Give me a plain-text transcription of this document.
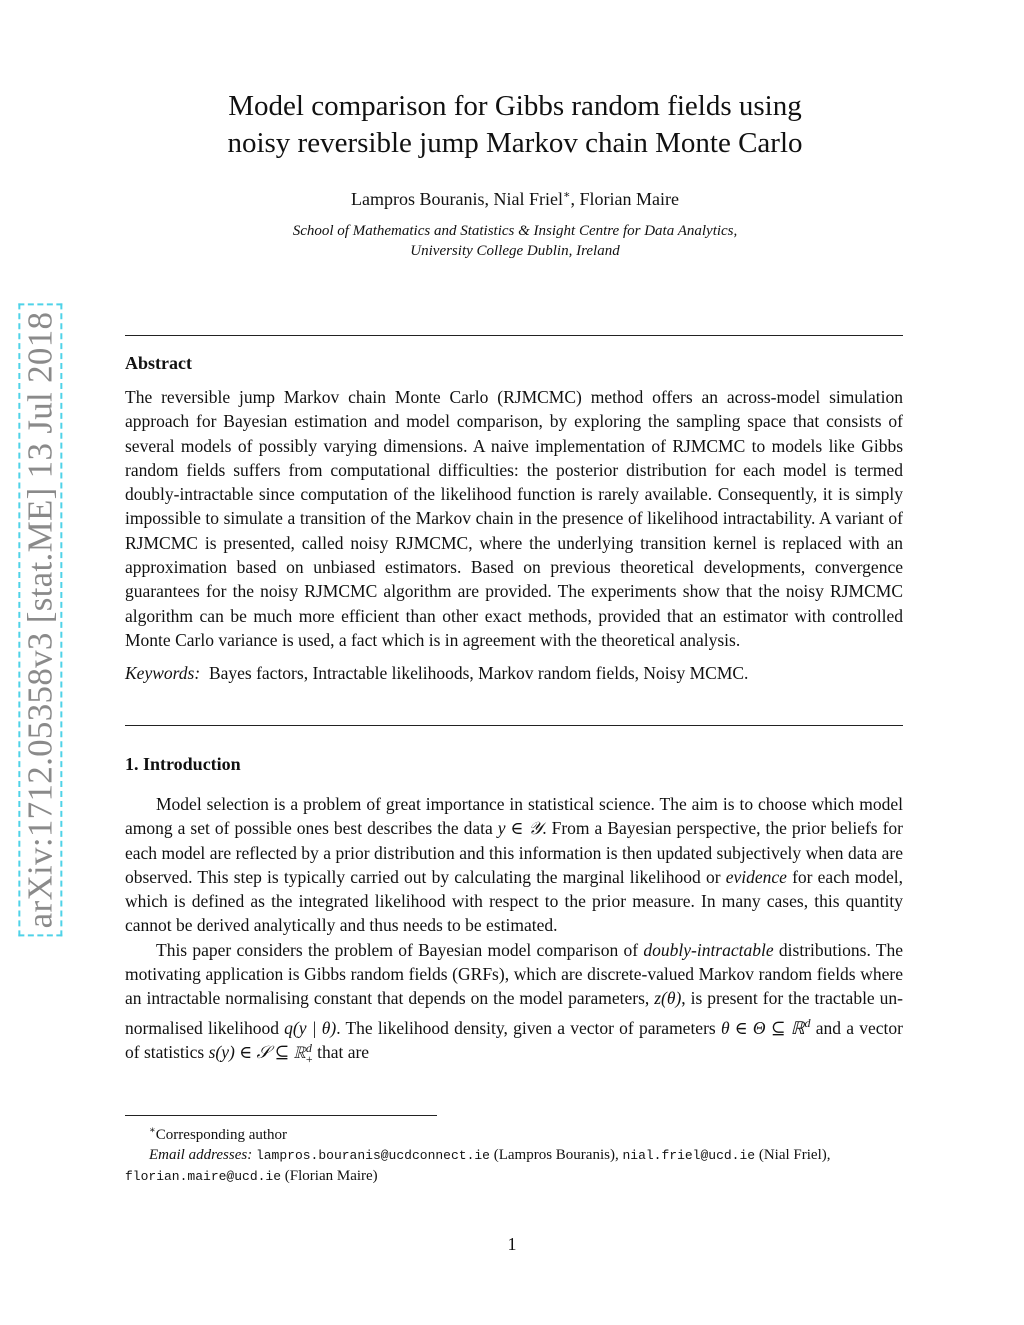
arXiv:1712.05358v3 [stat.ME] 13 Jul 2018
Model comparison for Gibbs random fields using
noisy reversible jump Markov chain Monte Carlo
Lampros Bouranis, Nial Friel∗, Florian Maire
School of Mathematics and Statistics & Insight Centre for Data Analytics,
University College Dublin, Ireland
Abstract

The reversible jump Markov chain Monte Carlo (RJMCMC) method offers an across-model simulation approach for Bayesian estimation and model comparison, by exploring the sampling space that consists of several models of possibly varying dimensions. A naive implementation of RJMCMC to models like Gibbs random fields suffers from computational difficulties: the posterior distribution for each model is termed doubly-intractable since computation of the likelihood function is rarely available. Consequently, it is simply impossible to simulate a transition of the Markov chain in the presence of likelihood intractability. A variant of RJMCMC is presented, called noisy RJMCMC, where the underlying transition kernel is replaced with an approximation based on unbiased estimators. Based on previous theoretical developments, convergence guarantees for the noisy RJMCMC algorithm are provided. The experiments show that the noisy RJMCMC algorithm can be much more efficient than other exact methods, provided that an estimator with controlled Monte Carlo variance is used, a fact which is in agreement with the theoretical analysis.

Keywords: Bayes factors, Intractable likelihoods, Markov random fields, Noisy MCMC.

1. Introduction

Model selection is a problem of great importance in statistical science. The aim is to choose which model among a set of possible ones best describes the data y ∈ 𝒴. From a Bayesian perspective, the prior beliefs for each model are reflected by a prior distribution and this information is then updated subjectively when data are observed. This step is typically carried out by calculating the marginal likelihood or evidence for each model, which is defined as the integrated likelihood with respect to the prior measure. In many cases, this quantity cannot be derived analytically and thus needs to be estimated.

This paper considers the problem of Bayesian model comparison of doubly-intractable distributions. The motivating application is Gibbs random fields (GRFs), which are discrete-valued Markov random fields where an intractable normalising constant that depends on the model parameters, z(θ), is present for the tractable un-normalised likelihood q(y | θ). The likelihood density, given a vector of parameters θ ∈ Θ ⊆ ℝ$^d$ and a vector of statistics s(y) ∈ 𝒮 ⊆ ℝ d
+ that are

∗Corresponding author

Email addresses: lampros.bouranis@ucdconnect.ie (Lampros Bouranis), nial.friel@ucd.ie (Nial Friel), florian.maire@ucd.ie (Florian Maire)

1
